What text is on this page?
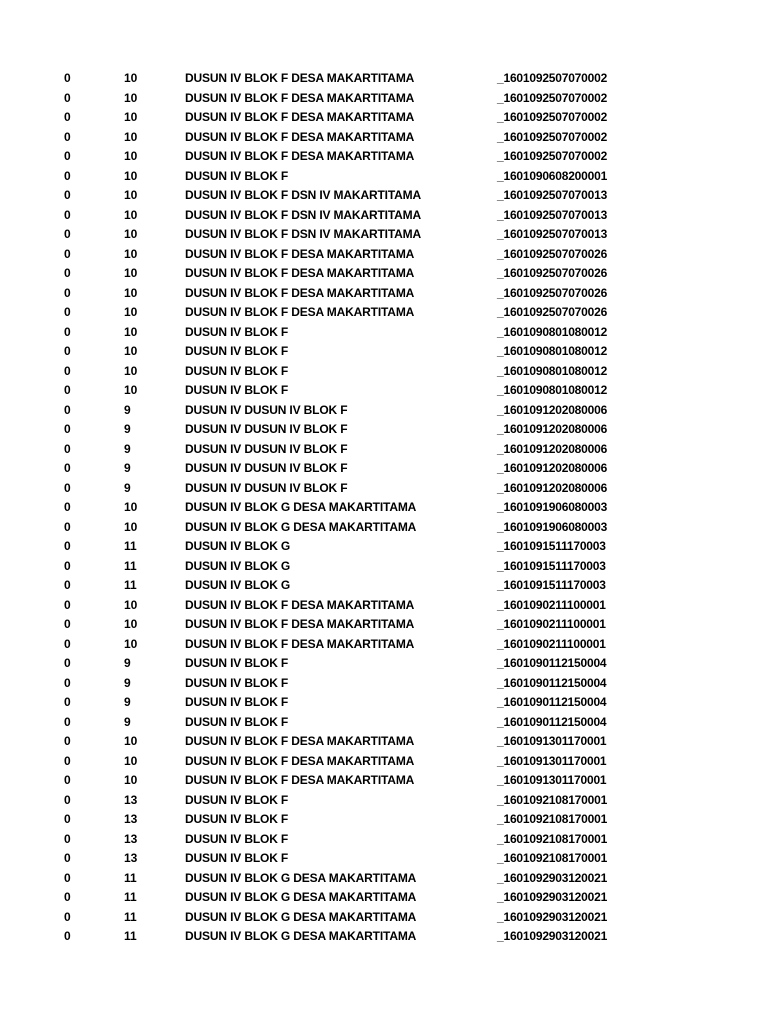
0	10	DUSUN IV BLOK F DESA MAKARTITAMA	_1601092507070002
0	10	DUSUN IV BLOK F DESA MAKARTITAMA	_1601092507070002
0	10	DUSUN IV BLOK F DESA MAKARTITAMA	_1601092507070002
0	10	DUSUN IV BLOK F DESA MAKARTITAMA	_1601092507070002
0	10	DUSUN IV BLOK F DESA MAKARTITAMA	_1601092507070002
0	10	DUSUN IV BLOK F	_1601090608200001
0	10	DUSUN IV BLOK F DSN IV MAKARTITAMA	_1601092507070013
0	10	DUSUN IV BLOK F DSN IV MAKARTITAMA	_1601092507070013
0	10	DUSUN IV BLOK F DSN IV MAKARTITAMA	_1601092507070013
0	10	DUSUN IV BLOK F DESA MAKARTITAMA	_1601092507070026
0	10	DUSUN IV BLOK F DESA MAKARTITAMA	_1601092507070026
0	10	DUSUN IV BLOK F DESA MAKARTITAMA	_1601092507070026
0	10	DUSUN IV BLOK F DESA MAKARTITAMA	_1601092507070026
0	10	DUSUN IV BLOK F	_1601090801080012
0	10	DUSUN IV BLOK F	_1601090801080012
0	10	DUSUN IV BLOK F	_1601090801080012
0	10	DUSUN IV BLOK F	_1601090801080012
0	9	DUSUN IV DUSUN IV BLOK F	_1601091202080006
0	9	DUSUN IV DUSUN IV BLOK F	_1601091202080006
0	9	DUSUN IV DUSUN IV BLOK F	_1601091202080006
0	9	DUSUN IV DUSUN IV BLOK F	_1601091202080006
0	9	DUSUN IV DUSUN IV BLOK F	_1601091202080006
0	10	DUSUN IV BLOK G DESA MAKARTITAMA	_1601091906080003
0	10	DUSUN IV BLOK G DESA MAKARTITAMA	_1601091906080003
0	11	DUSUN IV BLOK G	_1601091511170003
0	11	DUSUN IV BLOK G	_1601091511170003
0	11	DUSUN IV BLOK G	_1601091511170003
0	10	DUSUN IV BLOK F DESA MAKARTITAMA	_1601090211100001
0	10	DUSUN IV BLOK F DESA MAKARTITAMA	_1601090211100001
0	10	DUSUN IV BLOK F DESA MAKARTITAMA	_1601090211100001
0	9	DUSUN IV BLOK F	_1601090112150004
0	9	DUSUN IV BLOK F	_1601090112150004
0	9	DUSUN IV BLOK F	_1601090112150004
0	9	DUSUN IV BLOK F	_1601090112150004
0	10	DUSUN IV BLOK F DESA MAKARTITAMA	_1601091301170001
0	10	DUSUN IV BLOK F DESA MAKARTITAMA	_1601091301170001
0	10	DUSUN IV BLOK F DESA MAKARTITAMA	_1601091301170001
0	13	DUSUN IV BLOK F	_1601092108170001
0	13	DUSUN IV BLOK F	_1601092108170001
0	13	DUSUN IV BLOK F	_1601092108170001
0	13	DUSUN IV BLOK F	_1601092108170001
0	11	DUSUN IV BLOK G DESA MAKARTITAMA	_1601092903120021
0	11	DUSUN IV BLOK G DESA MAKARTITAMA	_1601092903120021
0	11	DUSUN IV BLOK G DESA MAKARTITAMA	_1601092903120021
0	11	DUSUN IV BLOK G DESA MAKARTITAMA	_1601092903120021
